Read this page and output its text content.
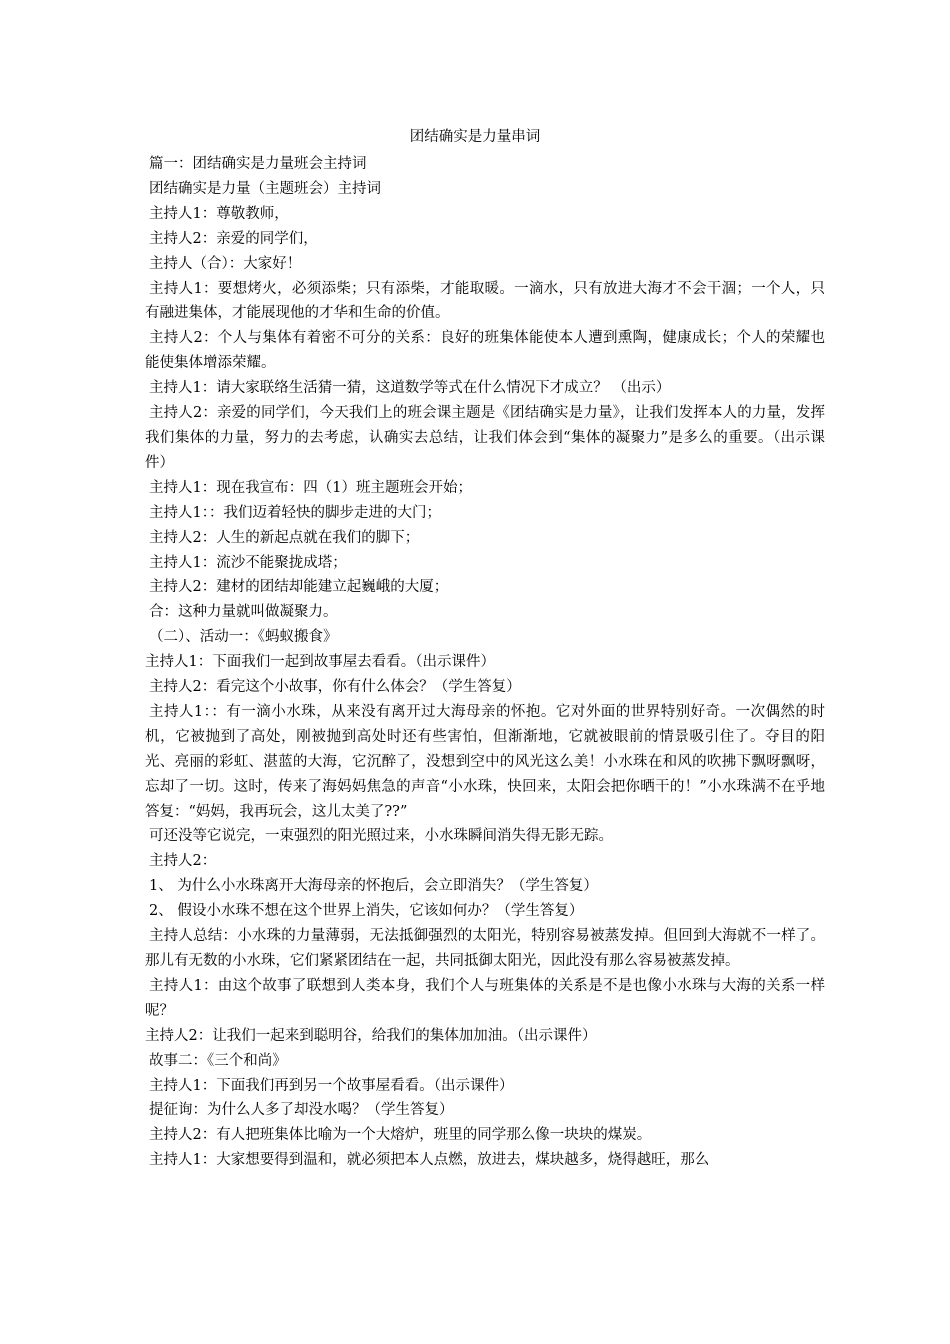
团结确实是力量串词

篇一：团结确实是力量班会主持词

团结确实是力量（主题班会）主持词

主持人1：尊敬教师，

主持人2：亲爱的同学们，

主持人（合）：大家好！

主持人1：要想烤火，必须添柴；只有添柴，才能取暖。一滴水，只有放进大海才不会干涸；一个人，只有融进集体，才能展现他的才华和生命的价值。

主持人2：个人与集体有着密不可分的关系：良好的班集体能使本人遭到熏陶，健康成长；个人的荣耀也能使集体增添荣耀。

主持人1：请大家联络生活猜一猜，这道数学等式在什么情况下才成立？ （出示）

主持人2：亲爱的同学们，今天我们上的班会课主题是《团结确实是力量》，让我们发挥本人的力量，发挥我们集体的力量，努力的去考虑，认确实去总结，让我们体会到“集体的凝聚力”是多么的重要。（出示课件）

主持人1：现在我宣布：四（1）班主题班会开始；

主持人1：：我们迈着轻快的脚步走进的大门；

主持人2：人生的新起点就在我们的脚下；

主持人1：流沙不能聚拢成塔；

主持人2：建材的团结却能建立起巍峨的大厦；

合：这种力量就叫做凝聚力。

（二）、活动一：《蚂蚁搬食》

主持人1：下面我们一起到故事屋去看看。（出示课件）

主持人2：看完这个小故事，你有什么体会？（学生答复）

主持人1：：有一滴小水珠，从来没有离开过大海母亲的怀抱。它对外面的世界特别好奇。一次偶然的时机，它被抛到了高处，刚被抛到高处时还有些害怕，但渐渐地，它就被眼前的情景吸引住了。夺目的阳光、亮丽的彩虹、湛蓝的大海，它沉醉了，没想到空中的风光这么美！小水珠在和风的吹拂下飘呀飘呀，忘却了一切。这时，传来了海妈妈焦急的声音“小水珠，快回来，太阳会把你晒干的！”小水珠满不在乎地答复：“妈妈，我再玩会，这儿太美了??”

可还没等它说完，一束强烈的阳光照过来，小水珠瞬间消失得无影无踪。

主持人2：

1、 为什么小水珠离开大海母亲的怀抱后，会立即消失？（学生答复）

2、 假设小水珠不想在这个世界上消失，它该如何办？（学生答复）

主持人总结：小水珠的力量薄弱，无法抵御强烈的太阳光，特别容易被蒸发掉。但回到大海就不一样了。那儿有无数的小水珠，它们紧紧团结在一起，共同抵御太阳光，因此没有那么容易被蒸发掉。

主持人1：由这个故事了联想到人类本身，我们个人与班集体的关系是不是也像小水珠与大海的关系一样呢？

主持人2：让我们一起来到聪明谷，给我们的集体加加油。（出示课件）

故事二：《三个和尚》

主持人1：下面我们再到另一个故事屋看看。（出示课件）

提征询：为什么人多了却没水喝？（学生答复）

主持人2：有人把班集体比喻为一个大熔炉，班里的同学那么像一块块的煤炭。

主持人1：大家想要得到温和，就必须把本人点燃，放进去，煤块越多，烧得越旺，那么
